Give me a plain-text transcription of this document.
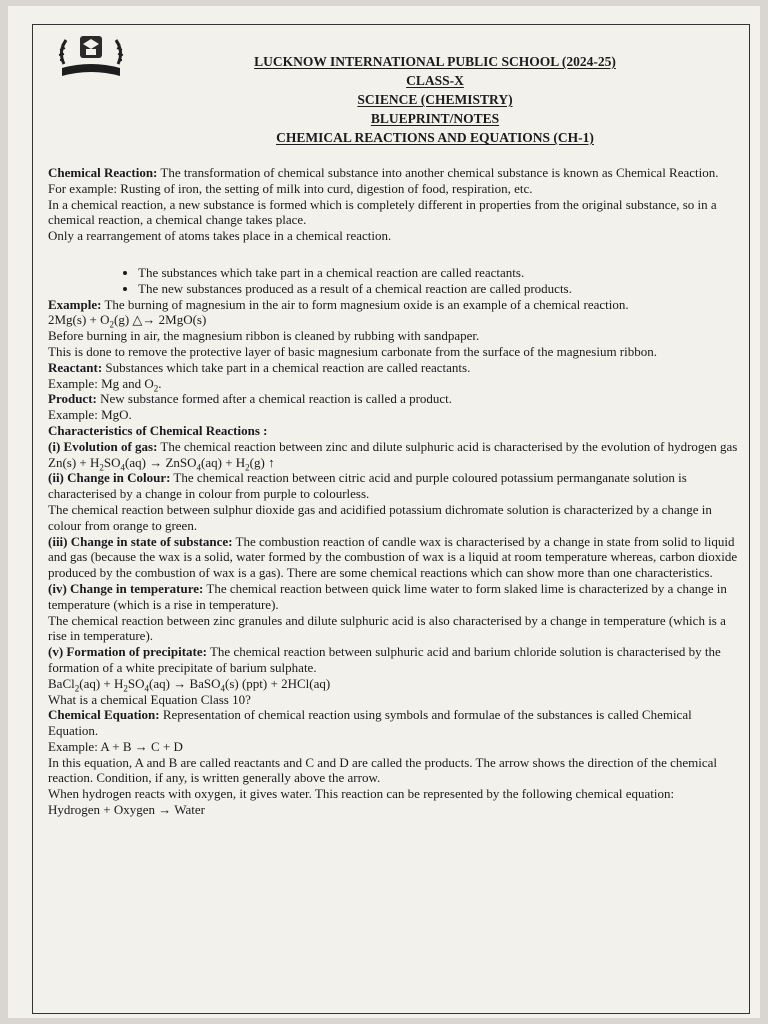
LUCKNOW INTERNATIONAL PUBLIC SCHOOL (2024-25)
CLASS-X
SCIENCE (CHEMISTRY)
BLUEPRINT/NOTES
CHEMICAL REACTIONS AND EQUATIONS (CH-1)

Chemical Reaction: The transformation of chemical substance into another chemical substance is known as Chemical Reaction. For example: Rusting of iron, the setting of milk into curd, digestion of food, respiration, etc.

In a chemical reaction, a new substance is formed which is completely different in properties from the original substance, so in a chemical reaction, a chemical change takes place.

Only a rearrangement of atoms takes place in a chemical reaction.

• The substances which take part in a chemical reaction are called reactants.
• The new substances produced as a result of a chemical reaction are called products.

Example: The burning of magnesium in the air to form magnesium oxide is an example of a chemical reaction.

$2Mg(s) + O_2(g)$ △→ 2MgO(s)

Before burning in air, the magnesium ribbon is cleaned by rubbing with sandpaper.

This is done to remove the protective layer of basic magnesium carbonate from the surface of the magnesium ribbon.

Reactant: Substances which take part in a chemical reaction are called reactants.

Example: Mg and $O_2$.

Product: New substance formed after a chemical reaction is called a product.

Example: MgO.

Characteristics of Chemical Reactions :

(i) Evolution of gas: The chemical reaction between zinc and dilute sulphuric acid is characterised by the evolution of hydrogen gas

$Zn(s) + H_2SO_4(aq)$ → ZnSO$_4$(aq) + $H_2(g)$ ↑

(ii) Change in Colour: The chemical reaction between citric acid and purple coloured potassium permanganate solution is characterised by a change in colour from purple to colourless.

The chemical reaction between sulphur dioxide gas and acidified potassium dichromate solution is characterized by a change in colour from orange to green.

(iii) Change in state of substance: The combustion reaction of candle wax is characterised by a change in state from solid to liquid and gas (because the wax is a solid, water formed by the combustion of wax is a liquid at room temperature whereas, carbon dioxide produced by the combustion of wax is a gas). There are some chemical reactions which can show more than one characteristics.

(iv) Change in temperature: The chemical reaction between quick lime water to form slaked lime is characterized by a change in temperature (which is a rise in temperature).

The chemical reaction between zinc granules and dilute sulphuric acid is also characterised by a change in temperature (which is a rise in temperature).

(v) Formation of precipitate: The chemical reaction between sulphuric acid and barium chloride solution is characterised by the formation of a white precipitate of barium sulphate.

BaCl$_2$(aq) + $H_2SO_4(aq)$ → BaSO$_4$(s) (ppt) + 2HCl(aq)

What is a chemical Equation Class 10?

Chemical Equation: Representation of chemical reaction using symbols and formulae of the substances is called Chemical Equation.

Example: A + B → C + D

In this equation, A and B are called reactants and C and D are called the products. The arrow shows the direction of the chemical reaction. Condition, if any, is written generally above the arrow.

When hydrogen reacts with oxygen, it gives water. This reaction can be represented by the following chemical equation:

Hydrogen + Oxygen → Water
